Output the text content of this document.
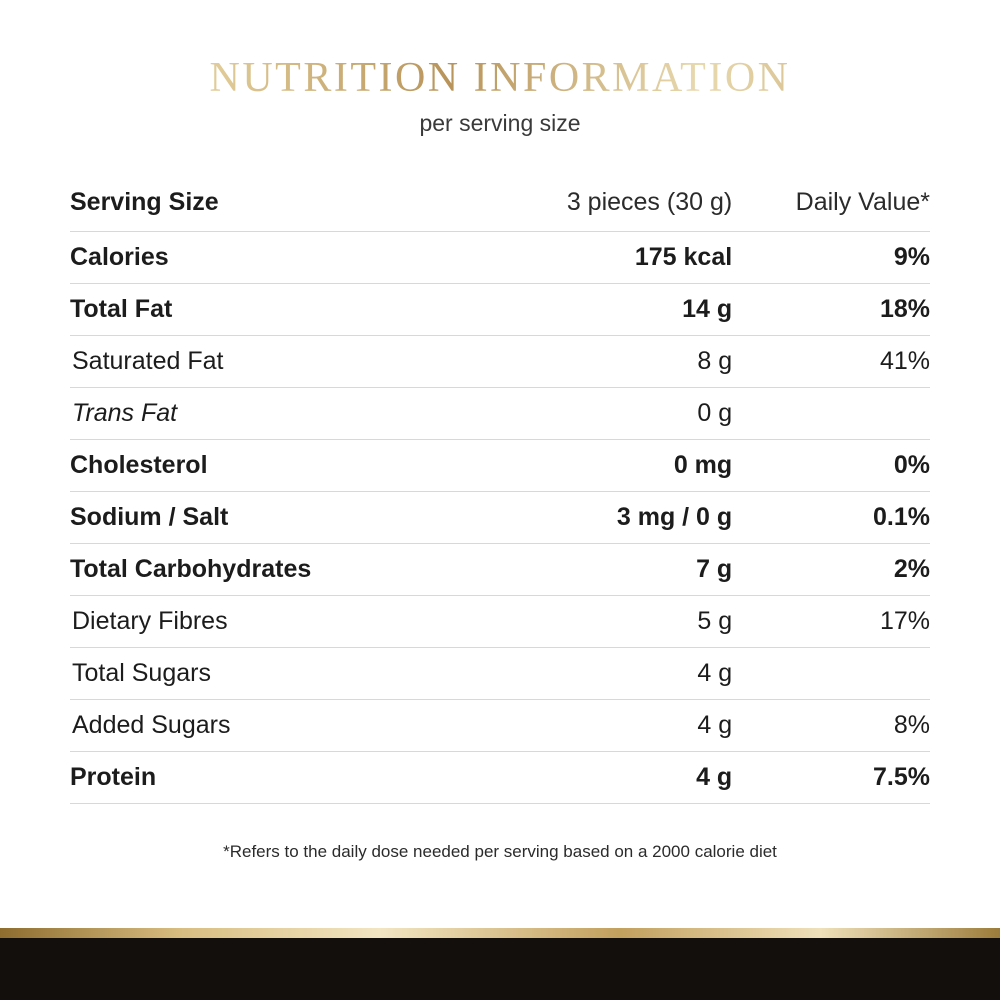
NUTRITION INFORMATION
per serving size
Serving Size	3 pieces (30 g)	Daily Value*
Calories	175 kcal	9%
Total Fat	14 g	18%
Saturated Fat	8 g	41%
Trans Fat	0 g	
Cholesterol	0 mg	0%
Sodium / Salt	3 mg / 0 g	0.1%
Total Carbohydrates	7 g	2%
Dietary Fibres	5 g	17%
Total Sugars	4 g	
Added Sugars	4 g	8%
Protein	4 g	7.5%
*Refers to the daily dose needed per serving based on a 2000 calorie diet
